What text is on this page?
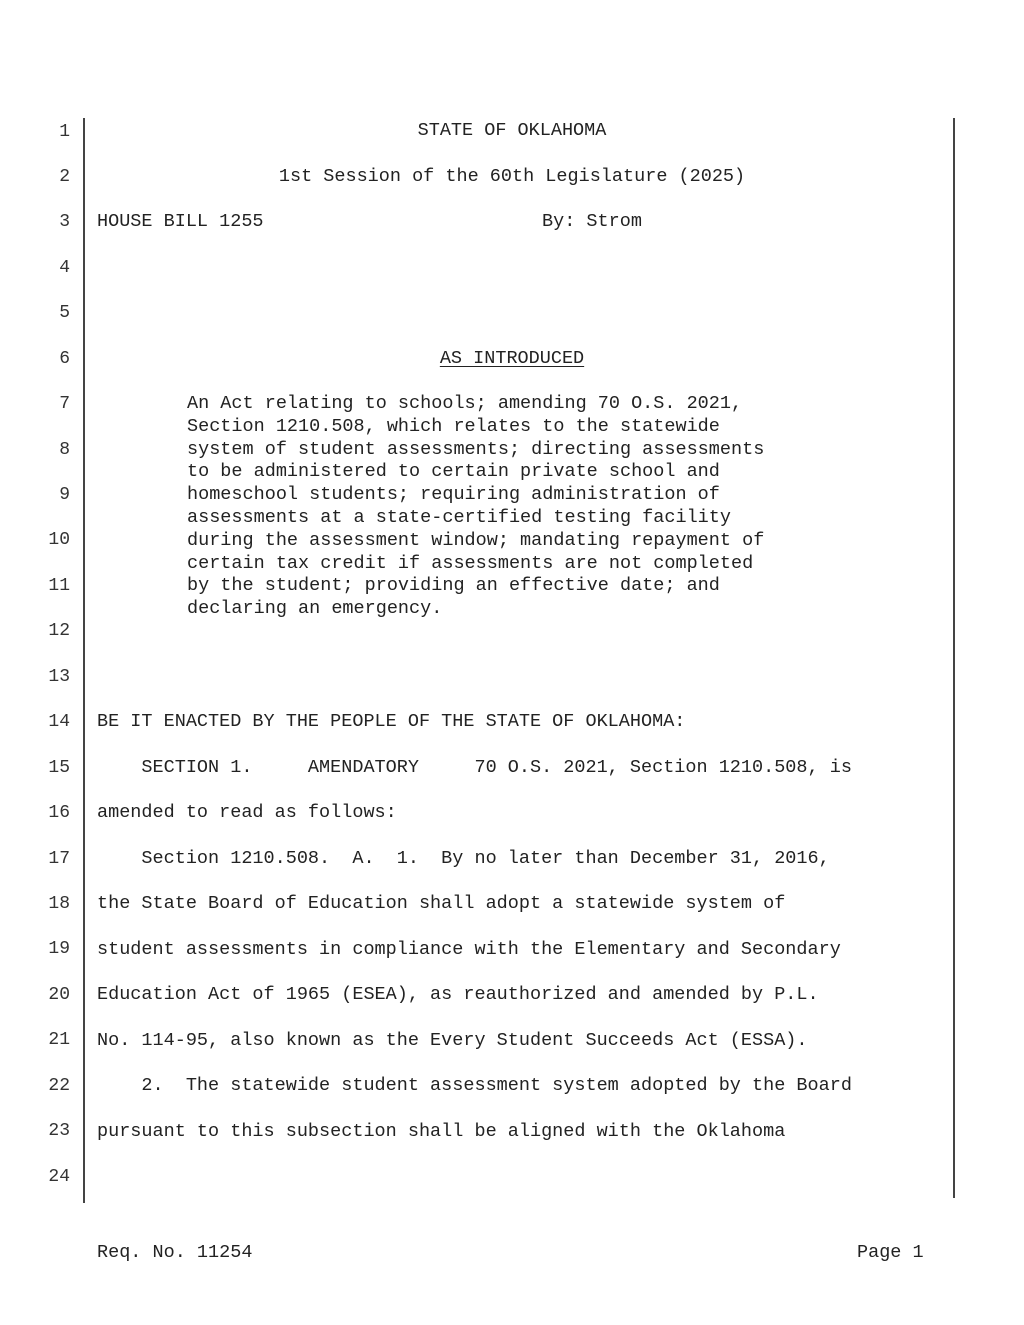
1
2
3
4
5
6
7
8
9
10
11
12
13
14
15
16
17
18
19
20
21
22
23
24
STATE OF OKLAHOMA
1st Session of the 60th Legislature (2025)
HOUSE BILL 1255	By: Strom
AS INTRODUCED
An Act relating to schools; amending 70 O.S. 2021,
Section 1210.508, which relates to the statewide
system of student assessments; directing assessments
to be administered to certain private school and
homeschool students; requiring administration of
assessments at a state-certified testing facility
during the assessment window; mandating repayment of
certain tax credit if assessments are not completed
by the student; providing an effective date; and
declaring an emergency.
BE IT ENACTED BY THE PEOPLE OF THE STATE OF OKLAHOMA:
SECTION 1.     AMENDATORY     70 O.S. 2021, Section 1210.508, is
amended to read as follows:
Section 1210.508.  A.  1.  By no later than December 31, 2016,
the State Board of Education shall adopt a statewide system of
student assessments in compliance with the Elementary and Secondary
Education Act of 1965 (ESEA), as reauthorized and amended by P.L.
No. 114-95, also known as the Every Student Succeeds Act (ESSA).
2.  The statewide student assessment system adopted by the Board
pursuant to this subsection shall be aligned with the Oklahoma
Req. No. 11254	Page 1
